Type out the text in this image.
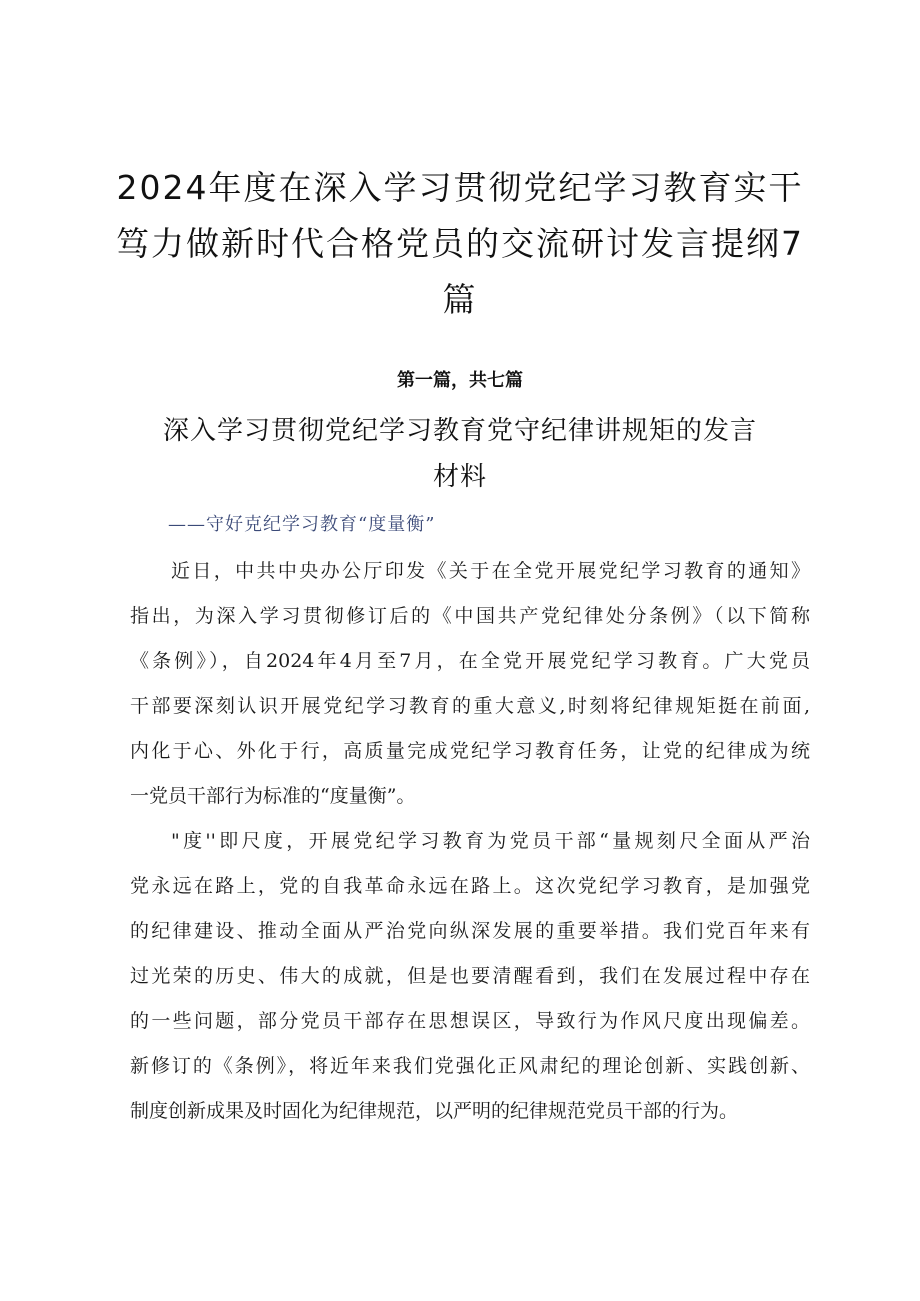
2024年度在深入学习贯彻党纪学习教育实干
笃力做新时代合格党员的交流研讨发言提纲7
篇
第一篇，共七篇
深入学习贯彻党纪学习教育党守纪律讲规矩的发言
材料
——守好克纪学习教育“度量衡”
近日，中共中央办公厅印发《关于在全党开展党纪学习教育的通知》
指出，为深入学习贯彻修订后的《中国共产党纪律处分条例》（以下简称
《条例》），自2024年4月至7月，在全党开展党纪学习教育。广大党员
干部要深刻认识开展党纪学习教育的重大意义,时刻将纪律规矩挺在前面,
内化于心、外化于行，高质量完成党纪学习教育任务，让党的纪律成为统
一党员干部行为标准的“度量衡”。
"度''即尺度，开展党纪学习教育为党员干部“量规刻尺全面从严治
党永远在路上，党的自我革命永远在路上。这次党纪学习教育，是加强党
的纪律建设、推动全面从严治党向纵深发展的重要举措。我们党百年来有
过光荣的历史、伟大的成就，但是也要清醒看到，我们在发展过程中存在
的一些问题，部分党员干部存在思想误区，导致行为作风尺度出现偏差。
新修订的《条例》，将近年来我们党强化正风肃纪的理论创新、实践创新、
制度创新成果及时固化为纪律规范，以严明的纪律规范党员干部的行为。
